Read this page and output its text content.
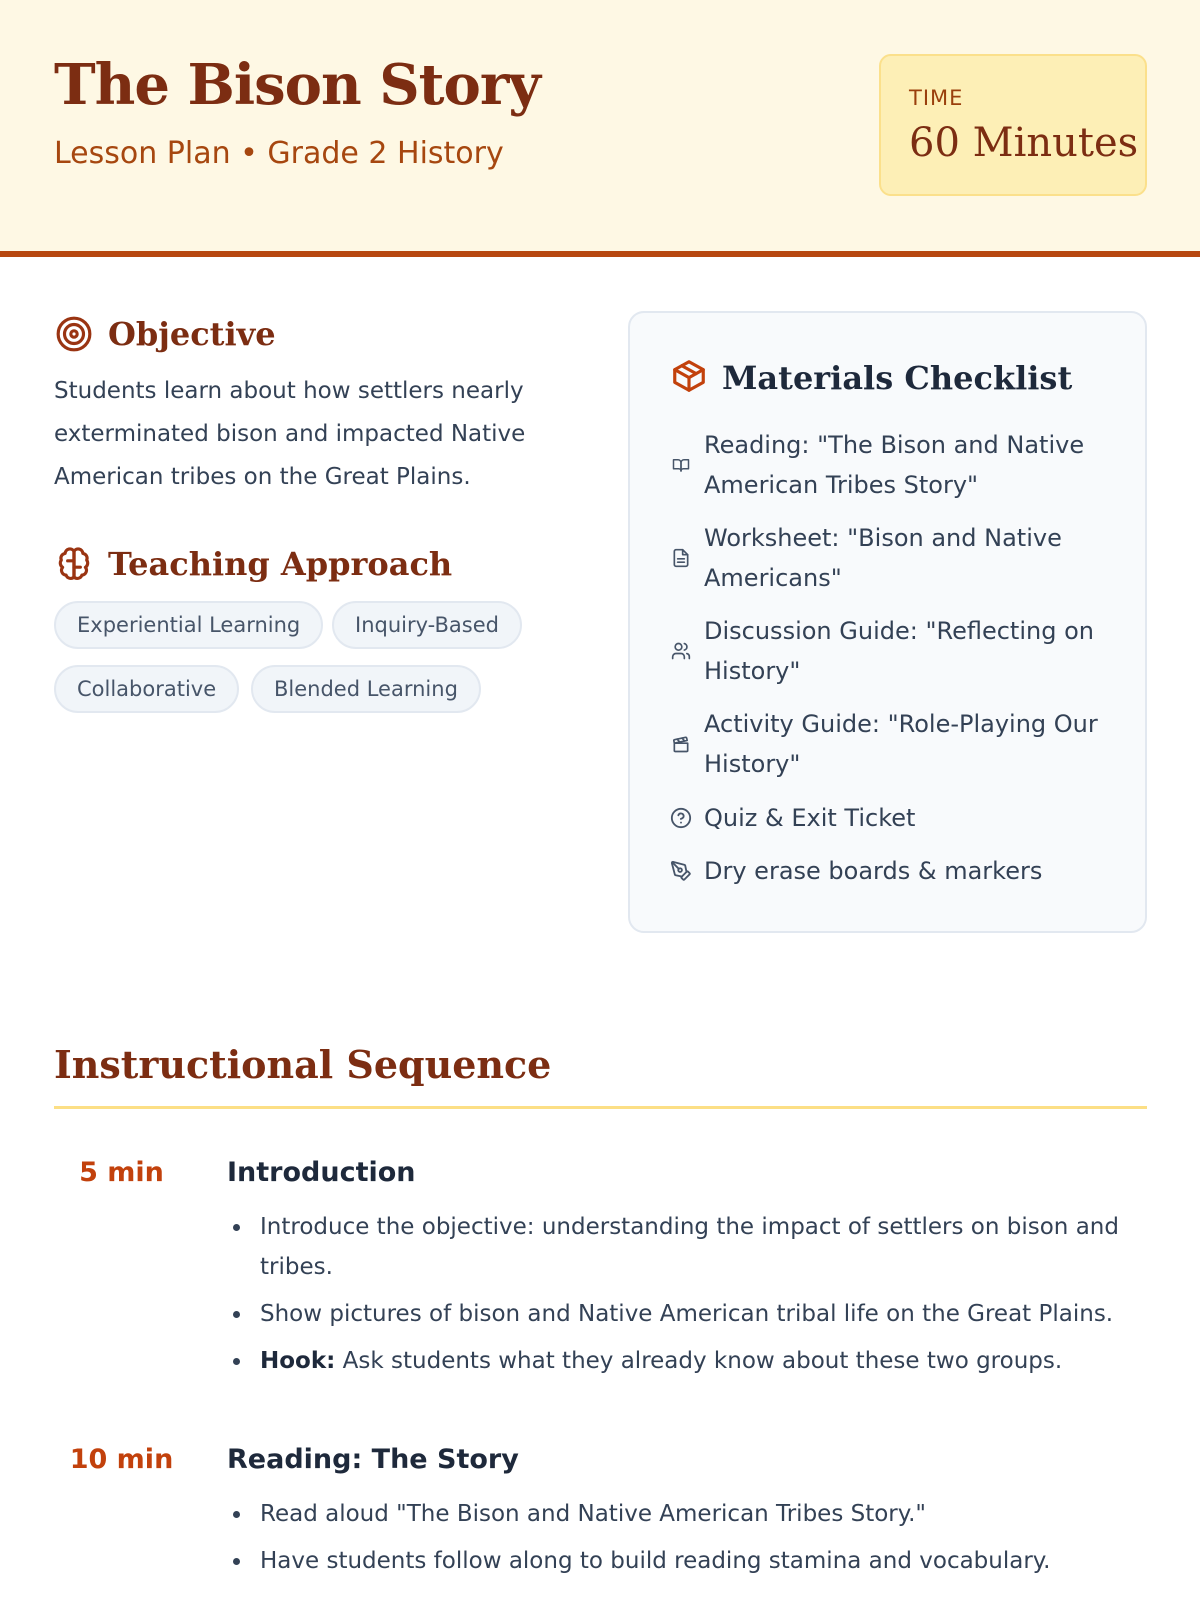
The Bison Story
Lesson Plan • Grade 2 History
TIME
60 Minutes
Objective

Students learn about how settlers nearly exterminated bison and impacted Native American tribes on the Great Plains.

Teaching Approach
Experiential Learning	Inquiry-Based
Collaborative	Blended Learning
Materials Checklist
Reading: "The Bison and Native American Tribes Story"
Worksheet: "Bison and Native Americans"
Discussion Guide: "Reflecting on History"
Activity Guide: "Role-Playing Our History"
Quiz & Exit Ticket
Dry erase boards & markers
Instructional Sequence
5 min	Introduction
Introduce the objective: understanding the impact of settlers on bison and tribes.
Show pictures of bison and Native American tribal life on the Great Plains.
Hook: Ask students what they already know about these two groups.
10 min	Reading: The Story
Read aloud "The Bison and Native American Tribes Story."
Have students follow along to build reading stamina and vocabulary.
